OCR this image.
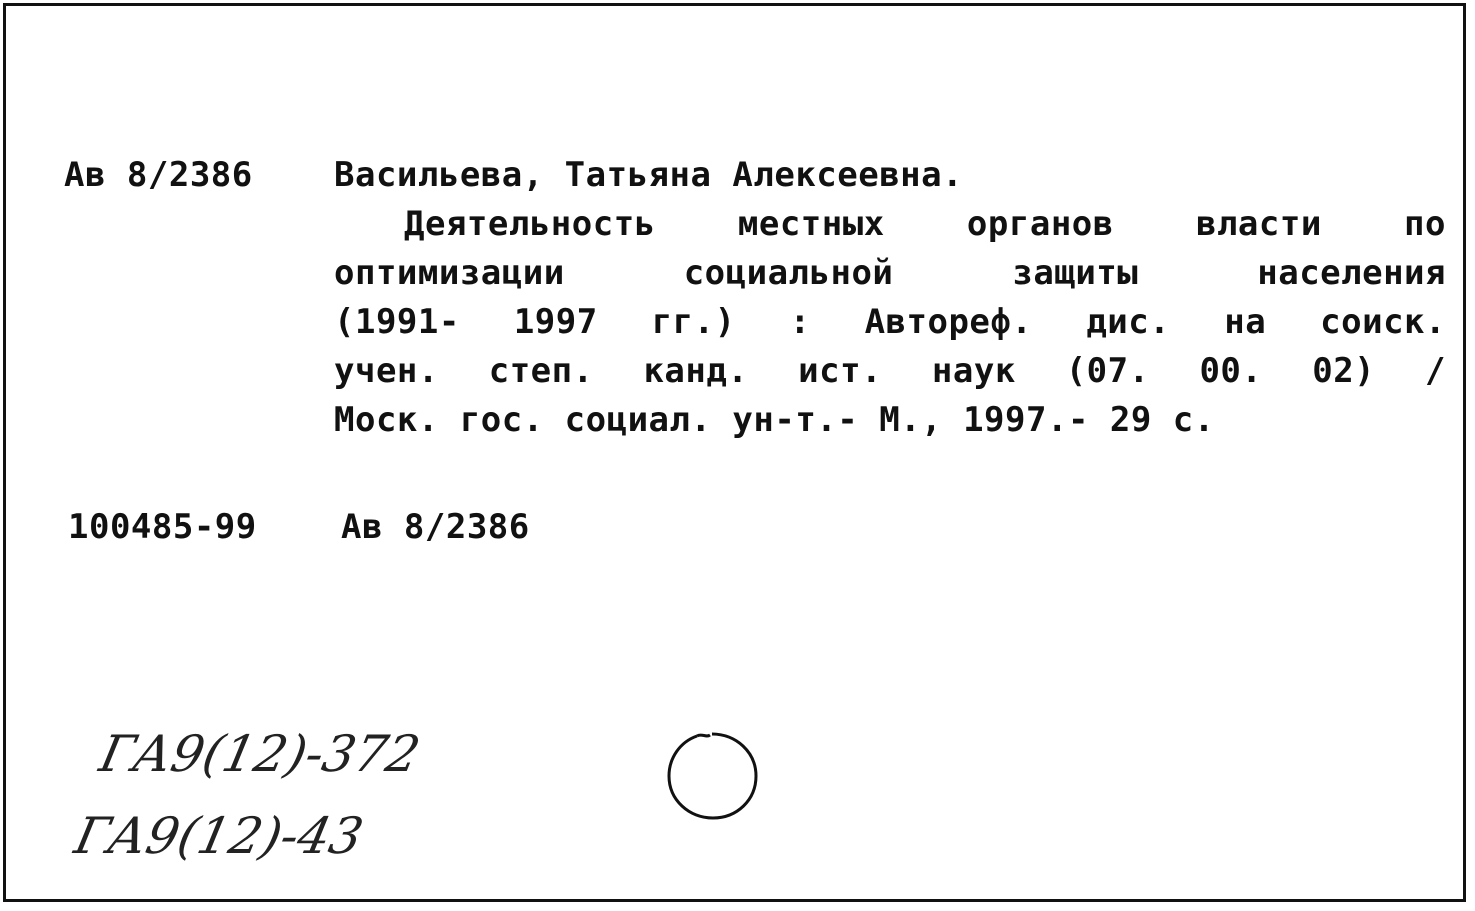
Ав 8/2386 Васильева, Татьяна Алексеевна.
Деятельность местных органов власти по
оптимизации социальной защиты населения
(1991- 1997 гг.) : Автореф. дис. на соиск.
учен. степ. канд. ист. наук (07. 00. 02) /
Моск. гос. социал. ун-т.- М., 1997.- 29 с.
100485-99 Ав 8/2386
ГА9(12)-372
ГА9(12)-43
